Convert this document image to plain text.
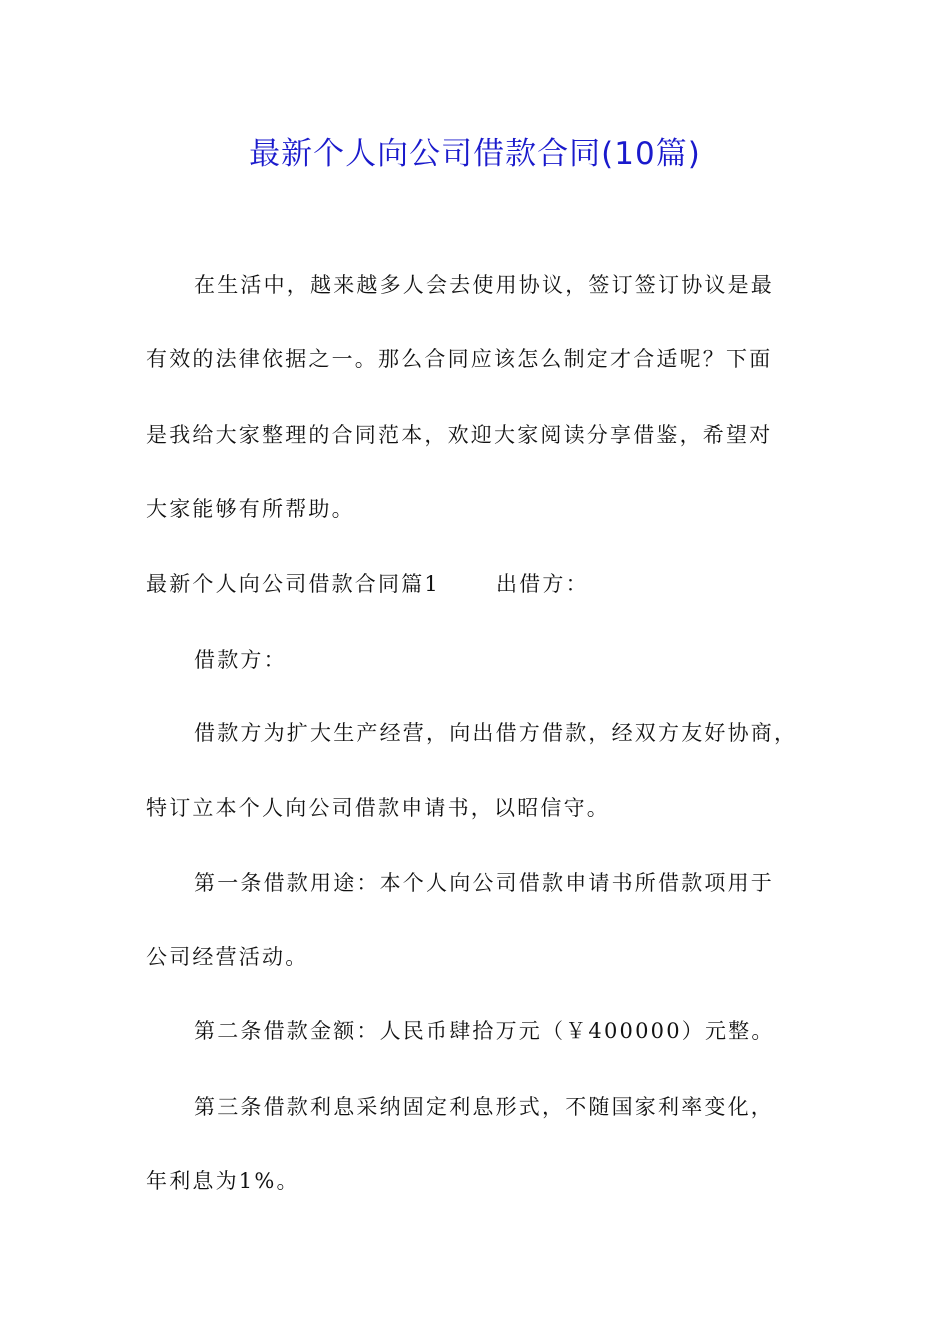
最新个人向公司借款合同(10篇)
在生活中，越来越多人会去使用协议，签订签订协议是最
有效的法律依据之一。那么合同应该怎么制定才合适呢？下面
是我给大家整理的合同范本，欢迎大家阅读分享借鉴，希望对
大家能够有所帮助。
最新个人向公司借款合同篇1	出借方：
借款方：
借款方为扩大生产经营，向出借方借款，经双方友好协商，
特订立本个人向公司借款申请书，以昭信守。
第一条借款用途：本个人向公司借款申请书所借款项用于
公司经营活动。
第二条借款金额：人民币肆拾万元（￥400000）元整。
第三条借款利息采纳固定利息形式，不随国家利率变化，
年利息为1%。
